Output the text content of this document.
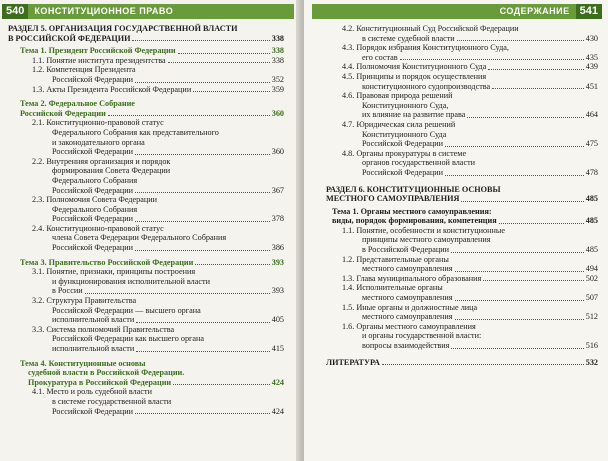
540 КОНСТИТУЦИОННОЕ ПРАВО
РАЗДЕЛ 5. ОРГАНИЗАЦИЯ ГОСУДАРСТВЕННОЙ ВЛАСТИ
В РОССИЙСКОЙ ФЕДЕРАЦИИ	338
Тема 1. Президент Российской Федерации	338
1.1. Понятие института президентства	338
1.2. Компетенция Президента
Российской Федерации	352
1.3. Акты Президента Российской Федерации	359
Тема 2. Федеральное Собрание
Российской Федерации	360
2.1. Конституционно-правовой статус
Федерального Собрания как представительного
и законодательного органа
Российской Федерации	360
2.2. Внутренняя организация и порядок
формирования Совета Федерации
Федерального Собрания
Российской Федерации	367
2.3. Полномочия Совета Федерации
Федерального Собрания
Российской Федерации	378
2.4. Конституционно-правовой статус
члена Совета Федерации Федерального Собрания
Российской Федерации	386
Тема 3. Правительство Российской Федерации	393
3.1. Понятие, признаки, принципы построения
и функционирования исполнительной власти
в России	393
3.2. Структура Правительства
Российской Федерации — высшего органа
исполнительной власти	405
3.3. Система полномочий Правительства
Российской Федерации как высшего органа
исполнительной власти	415
Тема 4. Конституционные основы
судебной власти в Российской Федерации.
Прокуратура в Российской Федерации	424
4.1. Место и роль судебной власти
в системе государственной власти
Российской Федерации	424
СОДЕРЖАНИЕ 541
4.2. Конституционный Суд Российской Федерации
в системе судебной власти	430
4.3. Порядок избрания Конституционного Суда,
его состав	435
4.4. Полномочия Конституционного Суда	439
4.5. Принципы и порядок осуществления
конституционного судопроизводства	451
4.6. Правовая природа решений
Конституционного Суда,
их влияние на развитие права	464
4.7. Юридическая сила решений
Конституционного Суда
Российской Федерации	475
4.8. Органы прокуратуры в системе
органов государственной власти
Российской Федерации	478
РАЗДЕЛ 6. КОНСТИТУЦИОННЫЕ ОСНОВЫ
МЕСТНОГО САМОУПРАВЛЕНИЯ	485
Тема 1. Органы местного самоуправления:
виды, порядок формирования, компетенция	485
1.1. Понятие, особенности и конституционные
принципы местного самоуправления
в Российской Федерации	485
1.2. Представительные органы
местного самоуправления	494
1.3. Глава муниципального образования	502
1.4. Исполнительные органы
местного самоуправления	507
1.5. Иные органы и должностные лица
местного самоуправления	512
1.6. Органы местного самоуправления
и органы государственной власти:
вопросы взаимодействия	516
ЛИТЕРАТУРА	532
